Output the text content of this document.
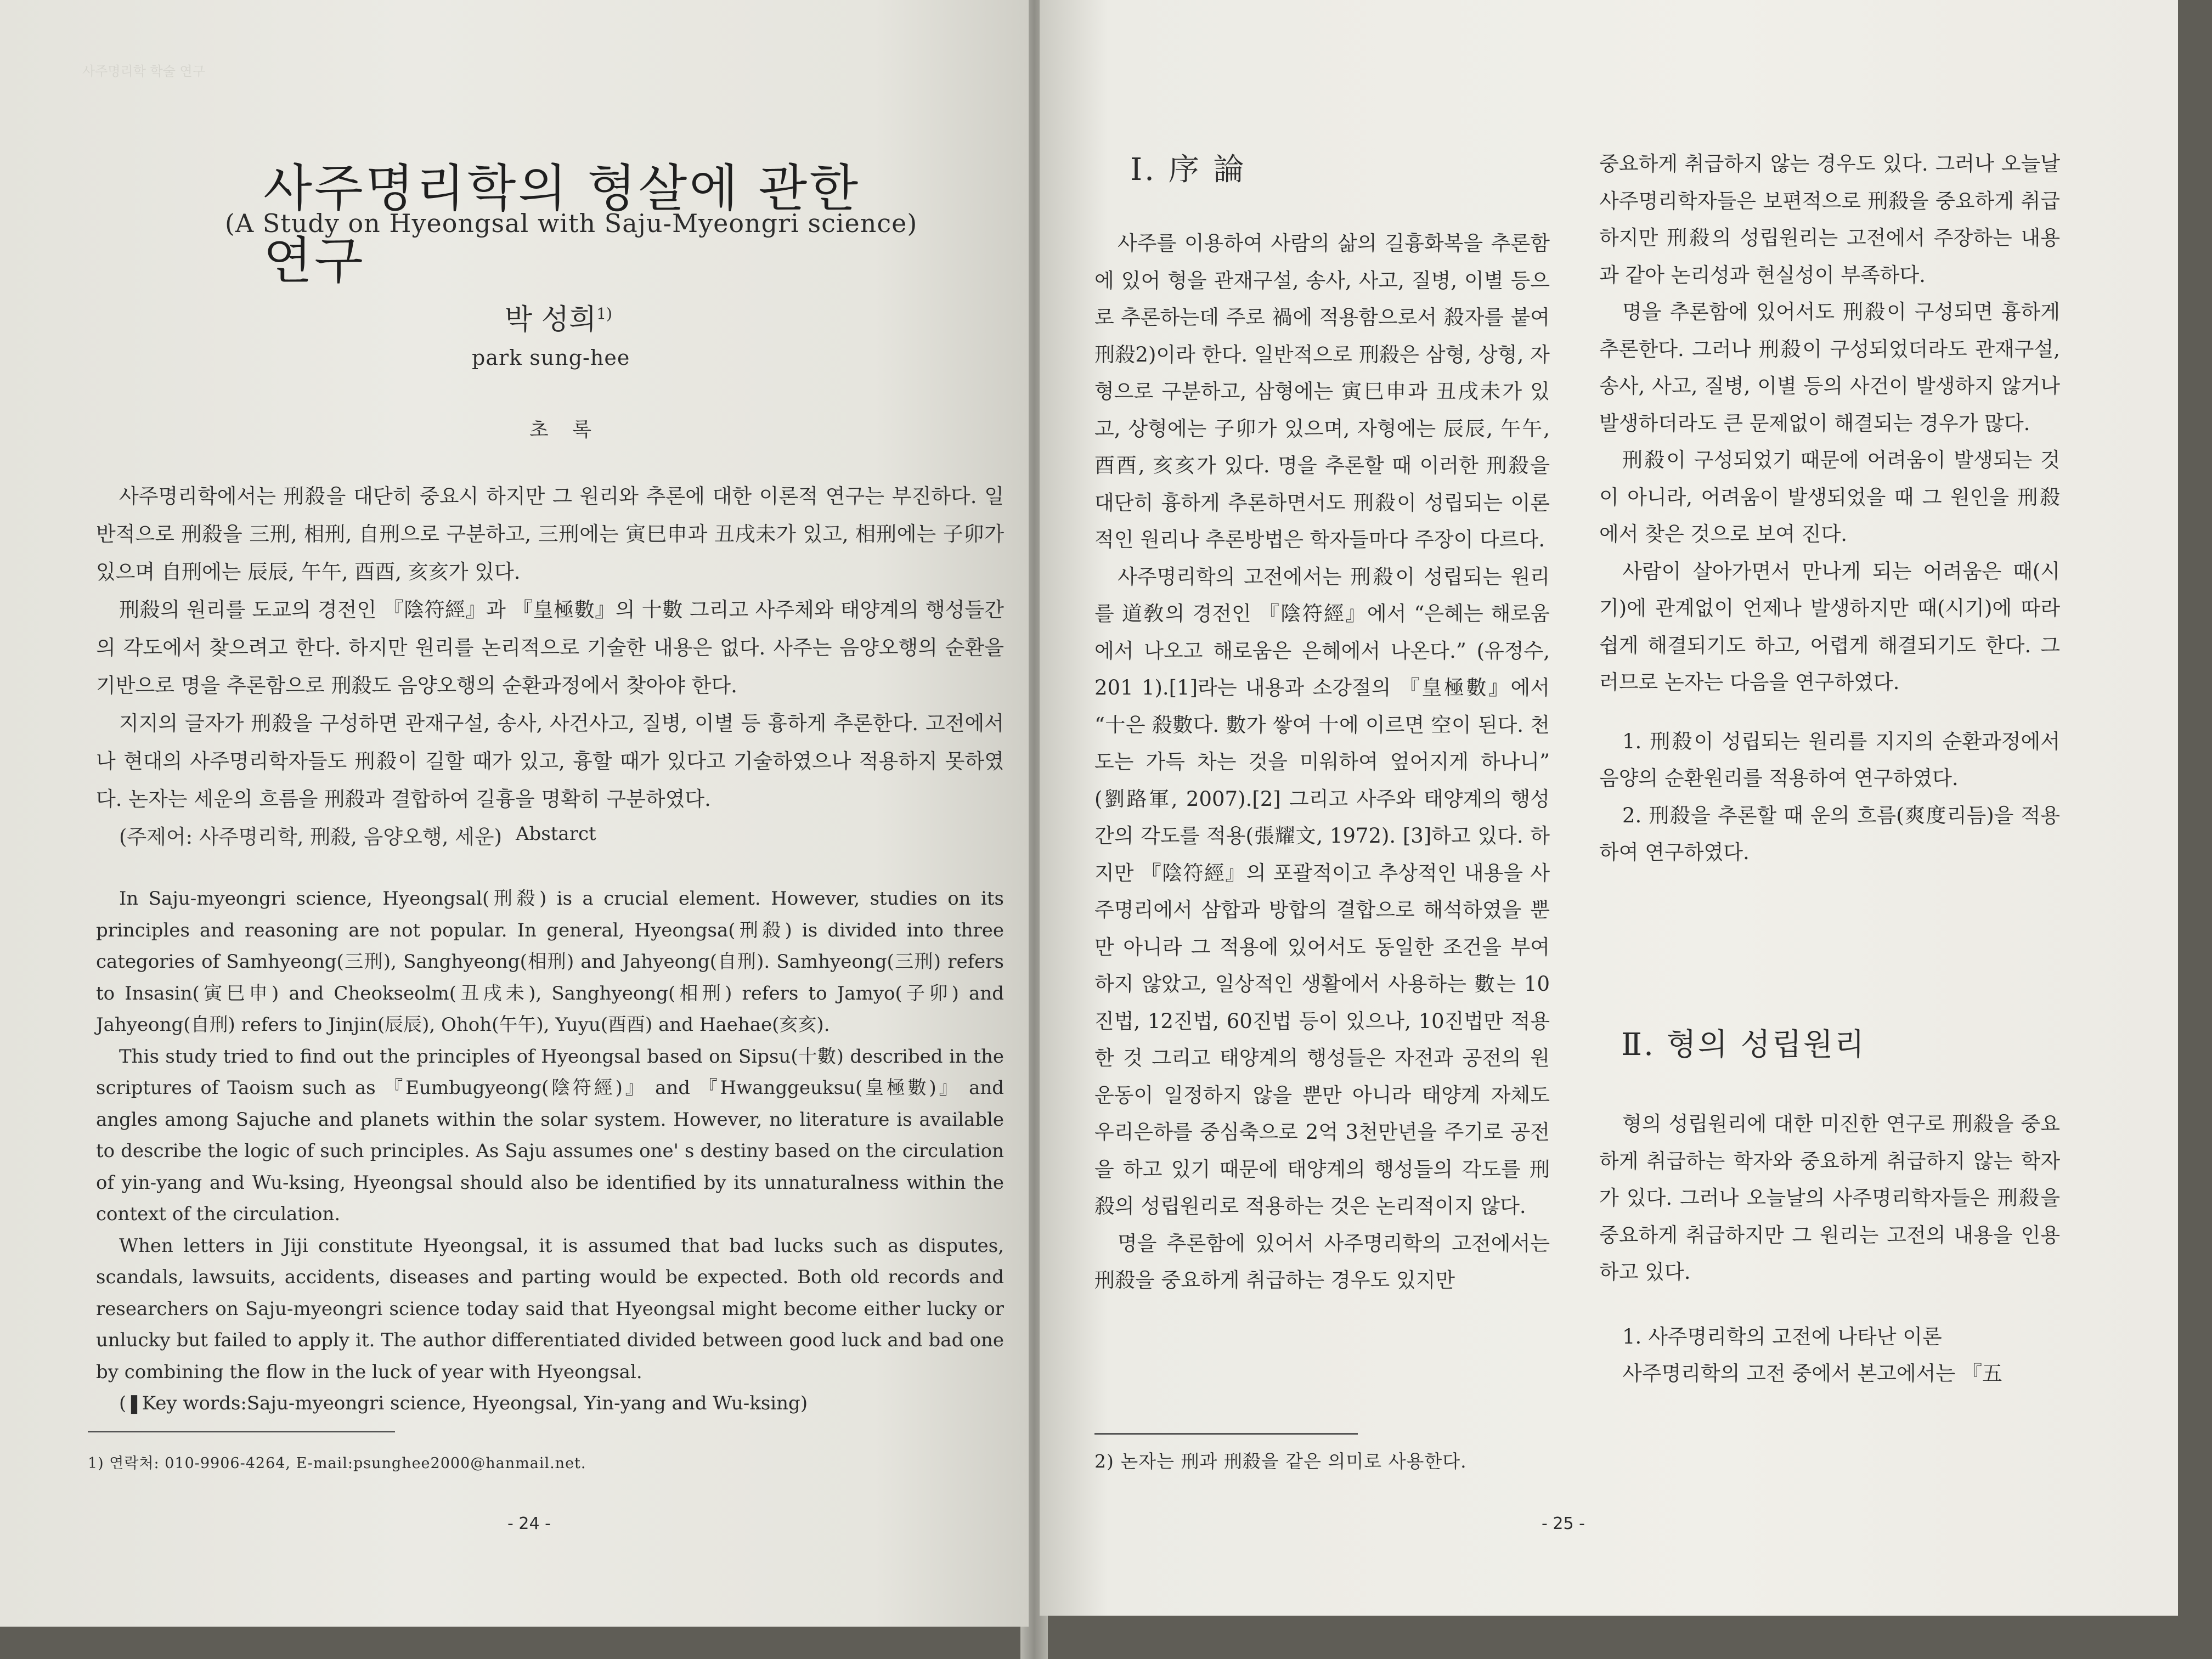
사주명리학 학술 연구
사주명리학의 형살에 관한 연구
(A Study on Hyeongsal with Saju-Myeongri science)
박 성희$^{1)}$
park sung-hee
초 록

사주명리학에서는 刑殺을 대단히 중요시 하지만 그 원리와 추론에 대한 이론적 연구는 부진하다. 일반적으로 刑殺을 三刑, 相刑, 自刑으로 구분하고, 三刑에는 寅巳申과 丑戌未가 있고, 相刑에는 子卯가 있으며 自刑에는 辰辰, 午午, 酉酉, 亥亥가 있다.

刑殺의 원리를 도교의 경전인 『陰符經』과 『皇極數』의 十數 그리고 사주체와 태양계의 행성들간의 각도에서 찾으려고 한다. 하지만 원리를 논리적으로 기술한 내용은 없다. 사주는 음양오행의 순환을 기반으로 명을 추론함으로 刑殺도 음양오행의 순환과정에서 찾아야 한다.

지지의 글자가 刑殺을 구성하면 관재구설, 송사, 사건사고, 질병, 이별 등 흉하게 추론한다. 고전에서나 현대의 사주명리학자들도 刑殺이 길할 때가 있고, 흉할 때가 있다고 기술하였으나 적용하지 못하였다. 논자는 세운의 흐름을 刑殺과 결합하여 길흉을 명확히 구분하였다.

(주제어: 사주명리학, 刑殺, 음양오행, 세운) Abstarct

In Saju-myeongri science, Hyeongsal(刑殺) is a crucial element. However, studies on its principles and reasoning are not popular. In general, Hyeongsa(刑殺) is divided into three categories of Samhyeong(三刑), Sanghyeong(相刑) and Jahyeong(自刑). Samhyeong(三刑) refers to Insasin(寅巳申) and Cheokseolm(丑戌未), Sanghyeong(相刑) refers to Jamyo(子卯) and Jahyeong(自刑) refers to Jinjin(辰辰), Ohoh(午午), Yuyu(酉酉) and Haehae(亥亥).

This study tried to find out the principles of Hyeongsal based on Sipsu(十數) described in the scriptures of Taoism such as 『Eumbugyeong(陰符經)』 and 『Hwanggeuksu(皇極數)』 and angles among Sajuche and planets within the solar system. However, no literature is available to describe the logic of such principles. As Saju assumes one' s destiny based on the circulation of yin-yang and Wu-ksing, Hyeongsal should also be identified by its unnaturalness within the context of the circulation.

When letters in Jiji constitute Hyeongsal, it is assumed that bad lucks such as disputes, scandals, lawsuits, accidents, diseases and parting would be expected. Both old records and researchers on Saju-myeongri science today said that Hyeongsal might become either lucky or unlucky but failed to apply it. The author differentiated divided between good luck and bad one by combining the flow in the luck of year with Hyeongsal.

(❚Key words:Saju-myeongri science, Hyeongsal, Yin-yang and Wu-ksing)

1) 연락처: 010-9906-4264, E-mail:psunghee2000@hanmail.net.
- 24 -
Ⅰ. 序 論

사주를 이용하여 사람의 삶의 길흉화복을 추론함에 있어 형을 관재구설, 송사, 사고, 질병, 이별 등으로 추론하는데 주로 禍에 적용함으로서 殺자를 붙여 刑殺2)이라 한다. 일반적으로 刑殺은 삼형, 상형, 자형으로 구분하고, 삼형에는 寅巳申과 丑戌未가 있고, 상형에는 子卯가 있으며, 자형에는 辰辰, 午午, 酉酉, 亥亥가 있다. 명을 추론할 때 이러한 刑殺을 대단히 흉하게 추론하면서도 刑殺이 성립되는 이론적인 원리나 추론방법은 학자들마다 주장이 다르다.

사주명리학의 고전에서는 刑殺이 성립되는 원리를 道敎의 경전인 『陰符經』에서 “은혜는 해로움에서 나오고 해로움은 은혜에서 나온다.” (유정수, 201 1).[1]라는 내용과 소강절의 『皇極數』에서 “十은 殺數다. 數가 쌓여 十에 이르면 空이 된다. 천도는 가득 차는 것을 미워하여 엎어지게 하나니” (劉路軍, 2007).[2] 그리고 사주와 태양계의 행성간의 각도를 적용(張耀文, 1972). [3]하고 있다. 하지만 『陰符經』의 포괄적이고 추상적인 내용을 사주명리에서 삼합과 방합의 결합으로 해석하였을 뿐만 아니라 그 적용에 있어서도 동일한 조건을 부여하지 않았고, 일상적인 생활에서 사용하는 數는 10진법, 12진법, 60진법 등이 있으나, 10진법만 적용한 것 그리고 태양계의 행성들은 자전과 공전의 원운동이 일정하지 않을 뿐만 아니라 태양계 자체도 우리은하를 중심축으로 2억 3천만년을 주기로 공전을 하고 있기 때문에 태양계의 행성들의 각도를 刑殺의 성립원리로 적용하는 것은 논리적이지 않다.

명을 추론함에 있어서 사주명리학의 고전에서는 刑殺을 중요하게 취급하는 경우도 있지만

2) 논자는 刑과 刑殺을 같은 의미로 사용한다.

중요하게 취급하지 않는 경우도 있다. 그러나 오늘날 사주명리학자들은 보편적으로 刑殺을 중요하게 취급하지만 刑殺의 성립원리는 고전에서 주장하는 내용과 같아 논리성과 현실성이 부족하다.

명을 추론함에 있어서도 刑殺이 구성되면 흉하게 추론한다. 그러나 刑殺이 구성되었더라도 관재구설, 송사, 사고, 질병, 이별 등의 사건이 발생하지 않거나 발생하더라도 큰 문제없이 해결되는 경우가 많다.

刑殺이 구성되었기 때문에 어려움이 발생되는 것이 아니라, 어려움이 발생되었을 때 그 원인을 刑殺에서 찾은 것으로 보여 진다.

사람이 살아가면서 만나게 되는 어려움은 때(시기)에 관계없이 언제나 발생하지만 때(시기)에 따라 쉽게 해결되기도 하고, 어렵게 해결되기도 한다. 그러므로 논자는 다음을 연구하였다.

1. 刑殺이 성립되는 원리를 지지의 순환과정에서 음양의 순환원리를 적용하여 연구하였다.

2. 刑殺을 추론할 때 운의 흐름(爽度리듬)을 적용하여 연구하였다.

Ⅱ. 형의 성립원리

형의 성립원리에 대한 미진한 연구로 刑殺을 중요하게 취급하는 학자와 중요하게 취급하지 않는 학자가 있다. 그러나 오늘날의 사주명리학자들은 刑殺을 중요하게 취급하지만 그 원리는 고전의 내용을 인용하고 있다.

1. 사주명리학의 고전에 나타난 이론

사주명리학의 고전 중에서 본고에서는 『五

- 25 -
